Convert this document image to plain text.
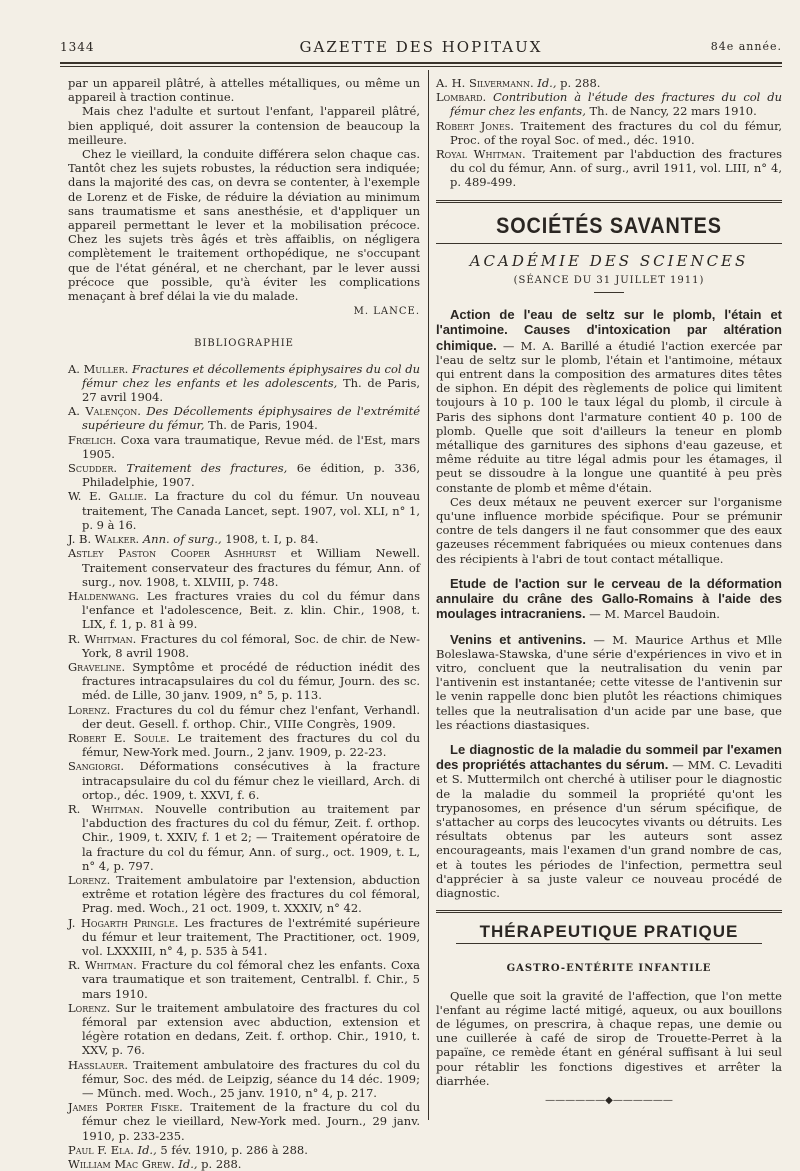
1344	GAZETTE DES HOPITAUX	84e année.

par un appareil plâtré, à attelles métalliques, ou même un appareil à traction continue.

Mais chez l'adulte et surtout l'enfant, l'appareil plâtré, bien appliqué, doit assurer la contension de beaucoup la meilleure.

Chez le vieillard, la conduite différera selon chaque cas. Tantôt chez les sujets robustes, la réduction sera indiquée; dans la majorité des cas, on devra se contenter, à l'exemple de Lorenz et de Fiske, de réduire la déviation au minimum sans traumatisme et sans anesthésie, et d'appliquer un appareil permettant le lever et la mobilisation précoce. Chez les sujets très âgés et très affaiblis, on négligera complètement le traitement orthopédique, ne s'occupant que de l'état général, et ne cherchant, par le lever aussi précoce que possible, qu'à éviter les complications menaçant à bref délai la vie du malade.

M. LANCE.
BIBLIOGRAPHIE

A. Muller. Fractures et décollements épiphysaires du col du fémur chez les enfants et les adolescents, Th. de Paris, 27 avril 1904.

A. Valençon. Des Décollements épiphysaires de l'extrémité supérieure du fémur, Th. de Paris, 1904.

Frœlich. Coxa vara traumatique, Revue méd. de l'Est, mars 1905.

Scudder. Traitement des fractures, 6e édition, p. 336, Philadelphie, 1907.

W. E. Gallie. La fracture du col du fémur. Un nouveau traitement, The Canada Lancet, sept. 1907, vol. XLI, n° 1, p. 9 à 16.

J. B. Walker. Ann. of surg., 1908, t. I, p. 84.

Astley Paston Cooper Ashhurst et William Newell. Traitement conservateur des fractures du fémur, Ann. of surg., nov. 1908, t. XLVIII, p. 748.

Haldenwang. Les fractures vraies du col du fémur dans l'enfance et l'adolescence, Beit. z. klin. Chir., 1908, t. LIX, f. 1, p. 81 à 99.

R. Whitman. Fractures du col fémoral, Soc. de chir. de New-York, 8 avril 1908.

Graveline. Symptôme et procédé de réduction inédit des fractures intracapsulaires du col du fémur, Journ. des sc. méd. de Lille, 30 janv. 1909, n° 5, p. 113.

Lorenz. Fractures du col du fémur chez l'enfant, Verhandl. der deut. Gesell. f. orthop. Chir., VIIIe Congrès, 1909.

Robert E. Soule. Le traitement des fractures du col du fémur, New-York med. Journ., 2 janv. 1909, p. 22-23.

Sangiorgi. Déformations consécutives à la fracture intracapsulaire du col du fémur chez le vieillard, Arch. di ortop., déc. 1909, t. XXVI, f. 6.

R. Whitman. Nouvelle contribution au traitement par l'abduction des fractures du col du fémur, Zeit. f. orthop. Chir., 1909, t. XXIV, f. 1 et 2; — Traitement opératoire de la fracture du col du fémur, Ann. of surg., oct. 1909, t. L, n° 4, p. 797.

Lorenz. Traitement ambulatoire par l'extension, abduction extrême et rotation légère des fractures du col fémoral, Prag. med. Woch., 21 oct. 1909, t. XXXIV, n° 42.

J. Hogarth Pringle. Les fractures de l'extrémité supérieure du fémur et leur traitement, The Practitioner, oct. 1909, vol. LXXXIII, n° 4, p. 535 à 541.

R. Whitman. Fracture du col fémoral chez les enfants. Coxa vara traumatique et son traitement, Centralbl. f. Chir., 5 mars 1910.

Lorenz. Sur le traitement ambulatoire des fractures du col fémoral par extension avec abduction, extension et légère rotation en dedans, Zeit. f. orthop. Chir., 1910, t. XXV, p. 76.

Hasslauer. Traitement ambulatoire des fractures du col du fémur, Soc. des méd. de Leipzig, séance du 14 déc. 1909; — Münch. med. Woch., 25 janv. 1910, n° 4, p. 217.

James Porter Fiske. Traitement de la fracture du col du fémur chez le vieillard, New-York med. Journ., 29 janv. 1910, p. 233-235.

Paul F. Ela. Id., 5 fév. 1910, p. 286 à 288.

William Mac Grew. Id., p. 288.

A. H. Silvermann. Id., p. 288.

Lombard. Contribution à l'étude des fractures du col du fémur chez les enfants, Th. de Nancy, 22 mars 1910.

Robert Jones. Traitement des fractures du col du fémur, Proc. of the royal Soc. of med., déc. 1910.

Royal Whitman. Traitement par l'abduction des fractures du col du fémur, Ann. of surg., avril 1911, vol. LIII, n° 4, p. 489-499.

SOCIÉTÉS SAVANTES
ACADÉMIE DES SCIENCES
(SÉANCE DU 31 JUILLET 1911)

Action de l'eau de seltz sur le plomb, l'étain et l'antimoine. Causes d'intoxication par altération chimique. — M. A. Barillé a étudié l'action exercée par l'eau de seltz sur le plomb, l'étain et l'antimoine, métaux qui entrent dans la composition des armatures dites têtes de siphon. En dépit des règlements de police qui limitent toujours à 10 p. 100 le taux légal du plomb, il circule à Paris des siphons dont l'armature contient 40 p. 100 de plomb. Quelle que soit d'ailleurs la teneur en plomb métallique des garnitures des siphons d'eau gazeuse, et même réduite au titre légal admis pour les étamages, il peut se dissoudre à la longue une quantité à peu près constante de plomb et même d'étain.

Ces deux métaux ne peuvent exercer sur l'organisme qu'une influence morbide spécifique. Pour se prémunir contre de tels dangers il ne faut consommer que des eaux gazeuses récemment fabriquées ou mieux contenues dans des récipients à l'abri de tout contact métallique.

Etude de l'action sur le cerveau de la déformation annulaire du crâne des Gallo-Romains à l'aide des moulages intracraniens. — M. Marcel Baudoin.

Venins et antivenins. — M. Maurice Arthus et Mlle Boleslawa-Stawska, d'une série d'expériences in vivo et in vitro, concluent que la neutralisation du venin par l'antivenin est instantanée; cette vitesse de l'antivenin sur le venin rappelle donc bien plutôt les réactions chimiques telles que la neutralisation d'un acide par une base, que les réactions diastasiques.

Le diagnostic de la maladie du sommeil par l'examen des propriétés attachantes du sérum. — MM. C. Levaditi et S. Muttermilch ont cherché à utiliser pour le diagnostic de la maladie du sommeil la propriété qu'ont les trypanosomes, en présence d'un sérum spécifique, de s'attacher au corps des leucocytes vivants ou détruits. Les résultats obtenus par les auteurs sont assez encourageants, mais l'examen d'un grand nombre de cas, et à toutes les périodes de l'infection, permettra seul d'apprécier à sa juste valeur ce nouveau procédé de diagnostic.

THÉRAPEUTIQUE PRATIQUE
GASTRO-ENTÉRITE INFANTILE

Quelle que soit la gravité de l'affection, que l'on mette l'enfant au régime lacté mitigé, aqueux, ou aux bouillons de légumes, on prescrira, à chaque repas, une demie ou une cuillerée à café de sirop de Trouette-Perret à la papaïne, ce remède étant en général suffisant à lui seul pour rétablir les fonctions digestives et arrêter la diarrhée.

——————◆——————
